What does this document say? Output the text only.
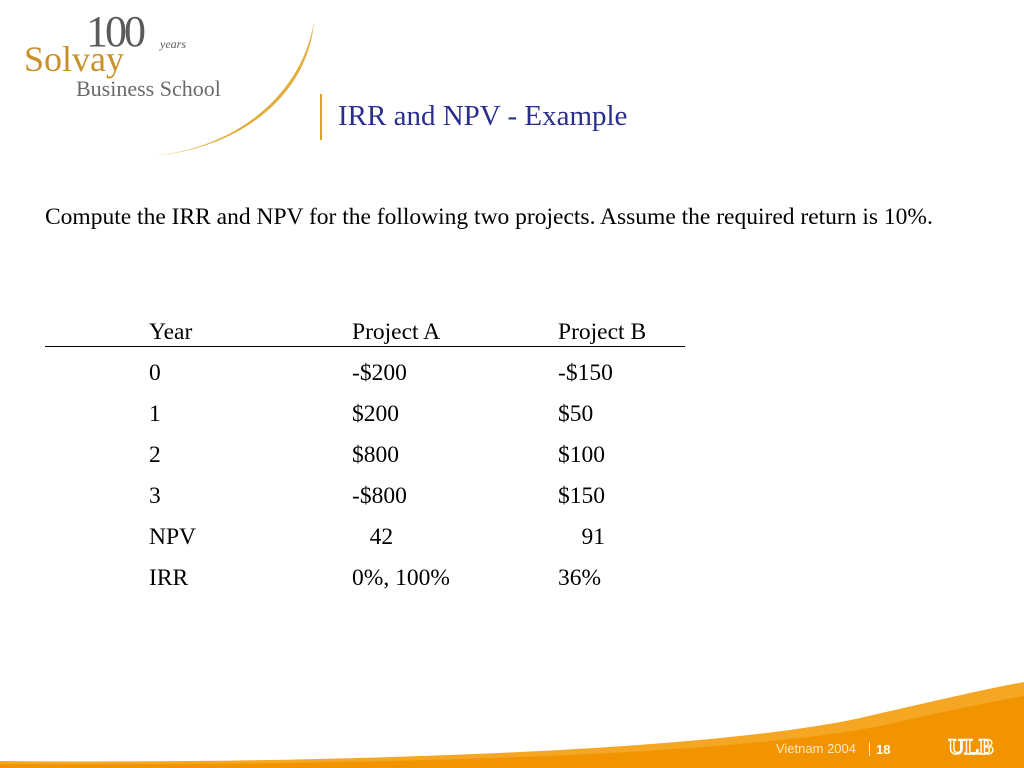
100 years
Solvay
Business School
IRR and NPV - Example
Compute the IRR and NPV for the following two projects. Assume the required return is 10%.
Year	Project A	Project B
0	-$200	-$150
1	$200	$50
2	$800	$100
3	-$800	$150
NPV	42	91
IRR	0%, 100%	36%
Vietnam 2004 18	ULB
